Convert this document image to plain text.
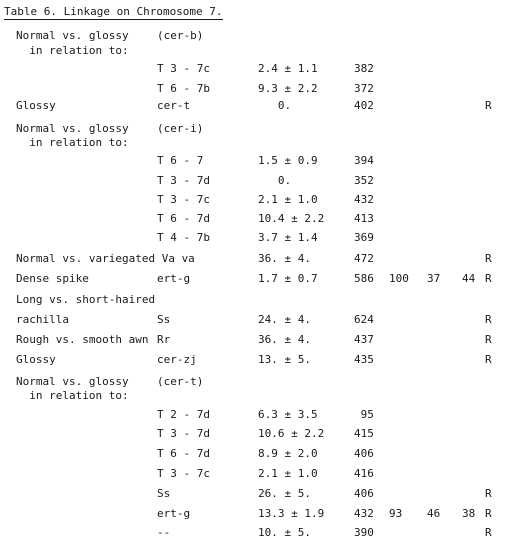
Table 6. Linkage on Chromosome 7.
Normal vs. glossy	(cer-b)
in relation to:
T 3 - 7c	2.4 ± 1.1	382
T 6 - 7b	9.3 ± 2.2	372
Glossy	cer-t	0.	402	R
Normal vs. glossy	(cer-i)
in relation to:
T 6 - 7	1.5 ± 0.9	394
T 3 - 7d	0.	352
T 3 - 7c	2.1 ± 1.0	432
T 6 - 7d	10.4 ± 2.2	413
T 4 - 7b	3.7 ± 1.4	369
Normal vs. variegated Va va	36. ± 4.	472	R
Dense spike	ert-g	1.7 ± 0.7	586 100 37 44 R
Long vs. short-haired
rachilla	Ss	24. ± 4.	624	R
Rough vs. smooth awn Rr	36. ± 4.	437	R
Glossy	cer-zj	13. ± 5.	435	R
Normal vs. glossy	(cer-t)
in relation to:
T 2 - 7d	6.3 ± 3.5	95
T 3 - 7d	10.6 ± 2.2	415
T 6 - 7d	8.9 ± 2.0	406
T 3 - 7c	2.1 ± 1.0	416
Ss	26. ± 5.	406	R
ert-g	13.3 ± 1.9	432 93 46 38 R
--	10. ± 5.	390	R
